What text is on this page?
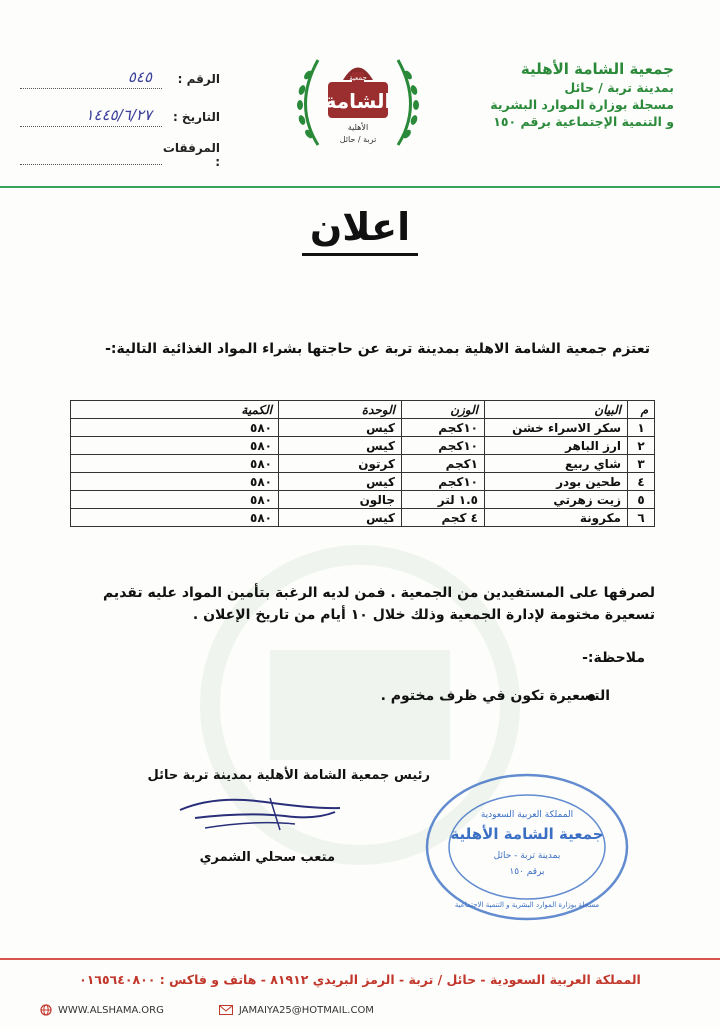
جمعية الشامة الأهلية
بمدينة تربة / حائل
مسجلة بوزارة الموارد البشرية
و التنمية الإجتماعية برقم ١٥٠
جمعية
الشامة
الأهلية
تربة / حائل
الرقم :
٥٤٥
التاريخ :
١٤٤٥/٦/٢٧
المرفقات :
اعلان
تعتزم جمعية الشامة الاهلية بمدينة تربة عن حاجتها بشراء المواد الغذائية التالية:-
م	البيان	الوزن	الوحدة	الكمية
١	سكر الاسراء خشن	١٠كجم	كيس	٥٨٠
٢	ارز الباهر	١٠كجم	كيس	٥٨٠
٣	شاي ربيع	١كجم	كرتون	٥٨٠
٤	طحين بودر	١٠كجم	كيس	٥٨٠
٥	زيت زهرتي	١.٥ لتر	جالون	٥٨٠
٦	مكرونة	٤ كجم	كيس	٥٨٠
لصرفها على المستفيدين من الجمعية . فمن لديه الرغبة بتأمين المواد عليه تقديم تسعيرة مختومة لإدارة الجمعية وذلك خلال ١٠ أيام من تاريخ الإعلان .
ملاحظة:-
التسعيرة تكون في ظرف مختوم .
رئيس جمعية الشامة الأهلية بمدينة تربة حائل
متعب سحلي الشمري
المملكة العربية السعودية
جمعية الشامة الأهلية
بمدينة تربة - حائل
برقم ١٥٠
مسجلة بوزارة الموارد البشرية و التنمية الاجتماعية
المملكة العربية السعودية - حائل / تربة - الرمز البريدي ٨١٩١٢ - هاتف و فاكس : ٠١٦٥٦٤٠٨٠٠
WWW.ALSHAMA.ORG	JAMAIYA25@HOTMAIL.COM
